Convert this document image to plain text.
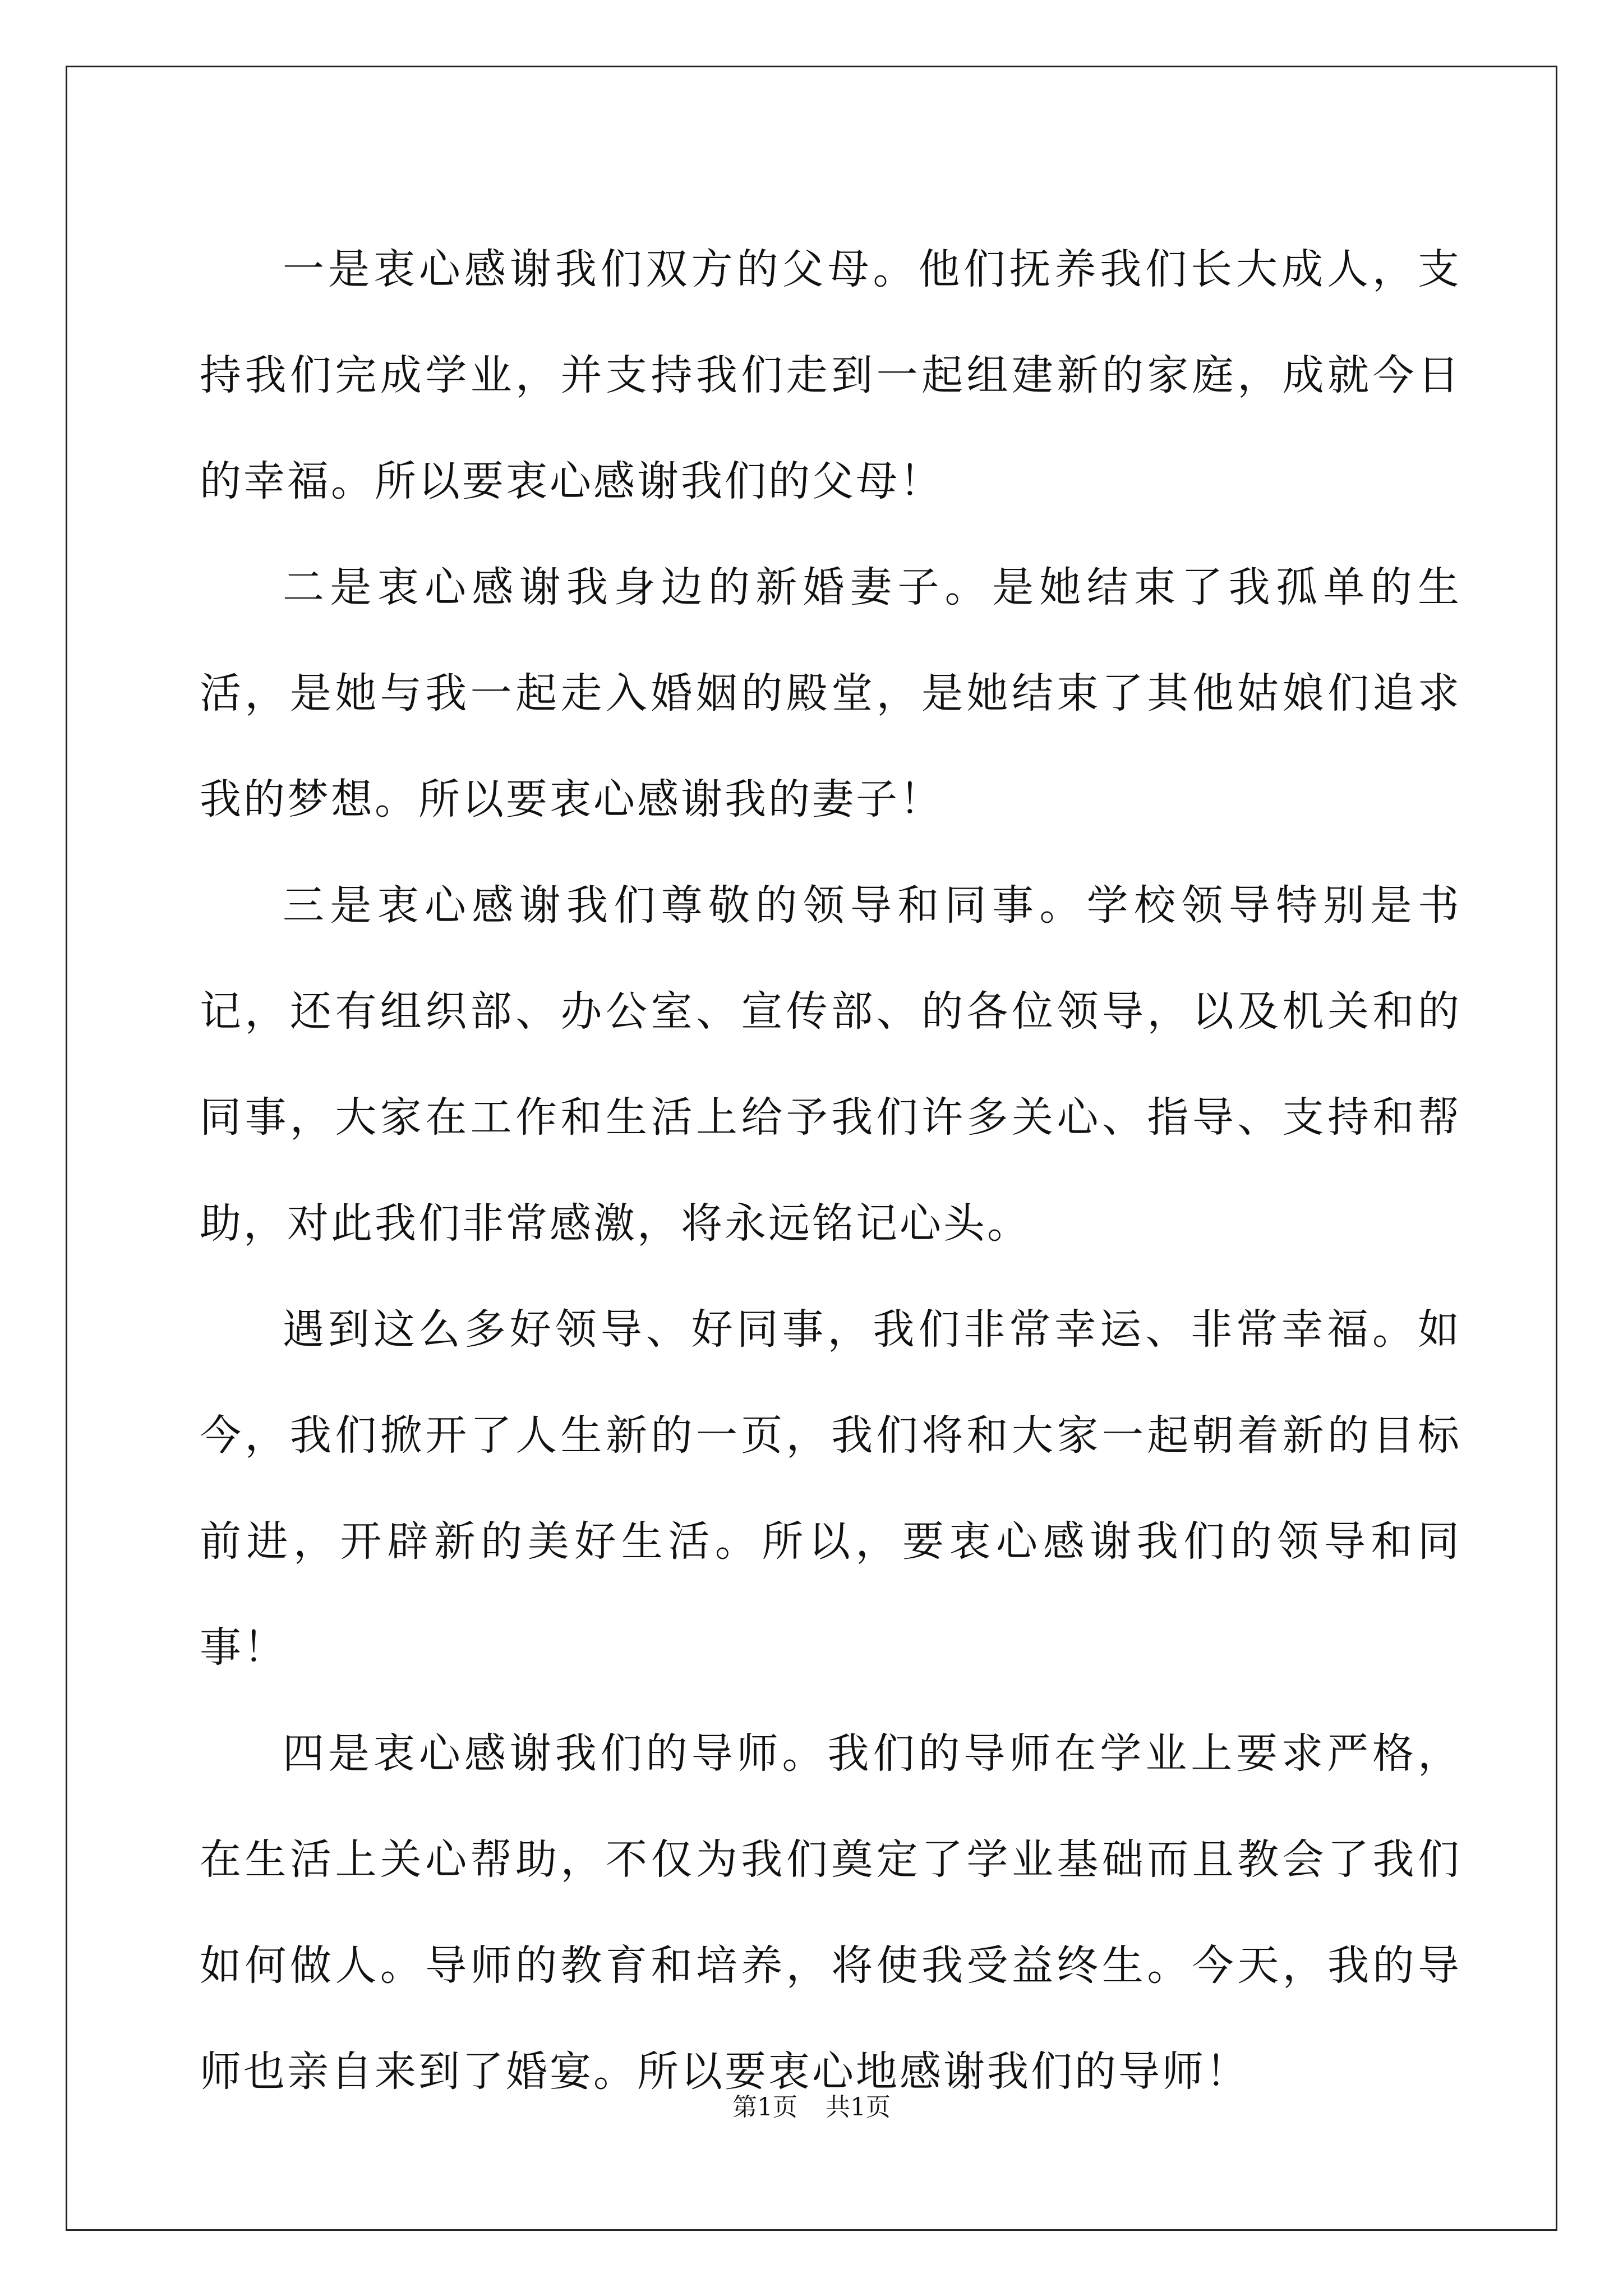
一是衷心感谢我们双方的父母。他们抚养我们长大成人，支持我们完成学业，并支持我们走到一起组建新的家庭，成就今日的幸福。所以要衷心感谢我们的父母！

二是衷心感谢我身边的新婚妻子。是她结束了我孤单的生活，是她与我一起走入婚姻的殿堂，是她结束了其他姑娘们追求我的梦想。所以要衷心感谢我的妻子！

三是衷心感谢我们尊敬的领导和同事。学校领导特别是书记，还有组织部、办公室、宣传部、的各位领导，以及机关和的同事，大家在工作和生活上给予我们许多关心、指导、支持和帮助，对此我们非常感激，将永远铭记心头。

遇到这么多好领导、好同事，我们非常幸运、非常幸福。如今，我们掀开了人生新的一页，我们将和大家一起朝着新的目标前进，开辟新的美好生活。所以，要衷心感谢我们的领导和同事！

四是衷心感谢我们的导师。我们的导师在学业上要求严格，在生活上关心帮助，不仅为我们奠定了学业基础而且教会了我们如何做人。导师的教育和培养，将使我受益终生。今天，我的导师也亲自来到了婚宴。所以要衷心地感谢我们的导师！

第1页 共1页
